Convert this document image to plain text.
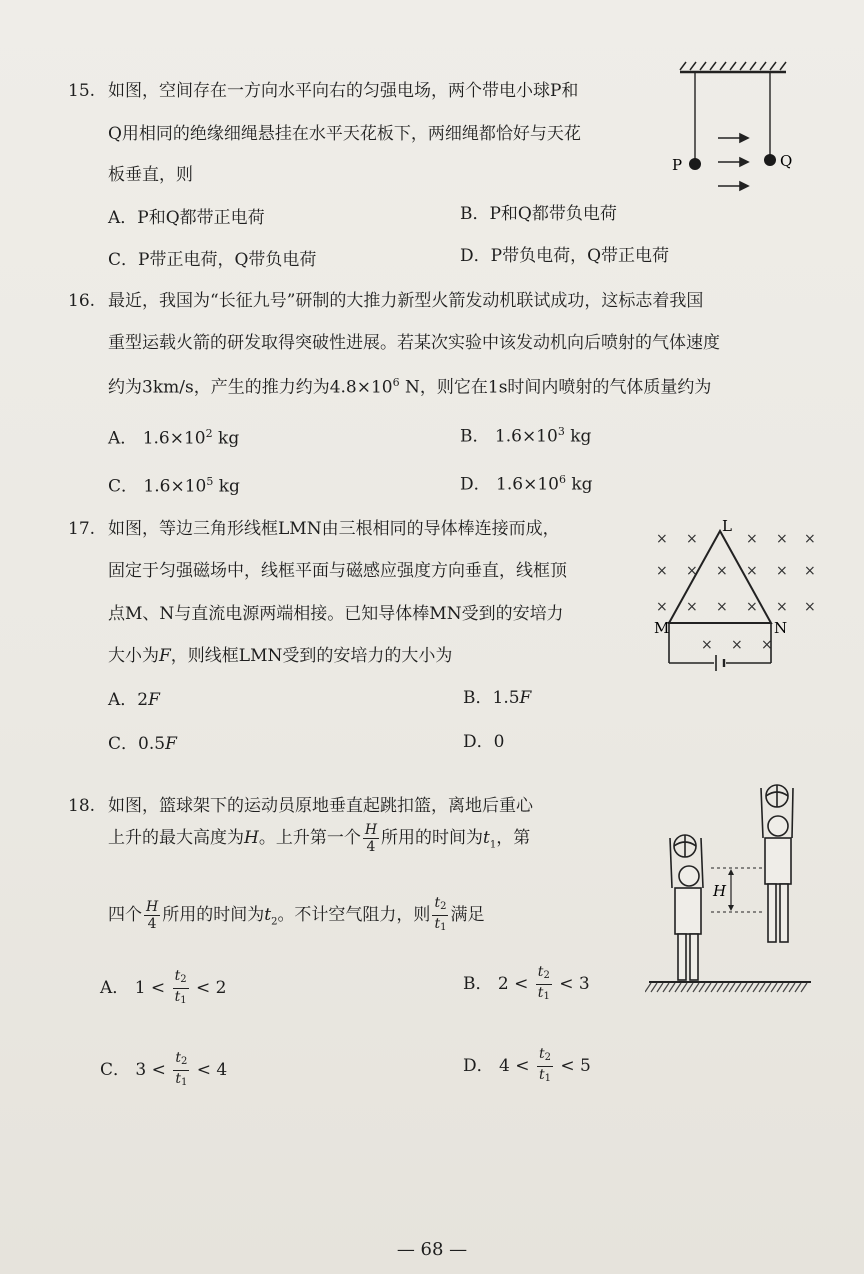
15. 如图，空间存在一方向水平向右的匀强电场，两个带电小球P和
Q用相同的绝缘细绳悬挂在水平天花板下，两细绳都恰好与天花
板垂直，则
A．P和Q都带正电荷	B．P和Q都带负电荷
C．P带正电荷，Q带负电荷	D．P带负电荷，Q带正电荷
P	Q
16. 最近，我国为“长征九号”研制的大推力新型火箭发动机联试成功，这标志着我国
重型运载火箭的研发取得突破性进展。若某次实验中该发动机向后喷射的气体速度
约为3km/s，产生的推力约为$4.8\times 10^6$ N，则它在1s时间内喷射的气体质量约为
A． $1.6\times 10^2$ kg	B． $1.6\times 10^3$ kg
C． $1.6\times 10^5$ kg	D． $1.6\times 10^6$ kg
17. 如图，等边三角形线框LMN由三根相同的导体棒连接而成，
固定于匀强磁场中，线框平面与磁感应强度方向垂直，线框顶
点M、N与直流电源两端相接。已知导体棒MN受到的安培力
大小为F，则线框LMN受到的安培力的大小为
A．2F	B．1.5F
C．0.5F	D．0
× ×	× × ×
× × × × × ×
× × × × × ×
× × ×
L
M	N
18. 如图，篮球架下的运动员原地垂直起跳扣篮，离地后重心
上升的最大高度为H。上升第一个 $\frac{H}{4}$ 所用的时间为$t_1$，第
四个 $\frac{H}{4}$ 所用的时间为$t_2$。不计空气阻力，则 $\frac{t_2}{t_1}$ 满足
A． $1 < \frac{t_2}{t_1} < 2$	B． $2 < \frac{t_2}{t_1} < 3$
C． $3 < \frac{t_2}{t_1} < 4$	D． $4 < \frac{t_2}{t_1} < 5$
H
— 68 —
